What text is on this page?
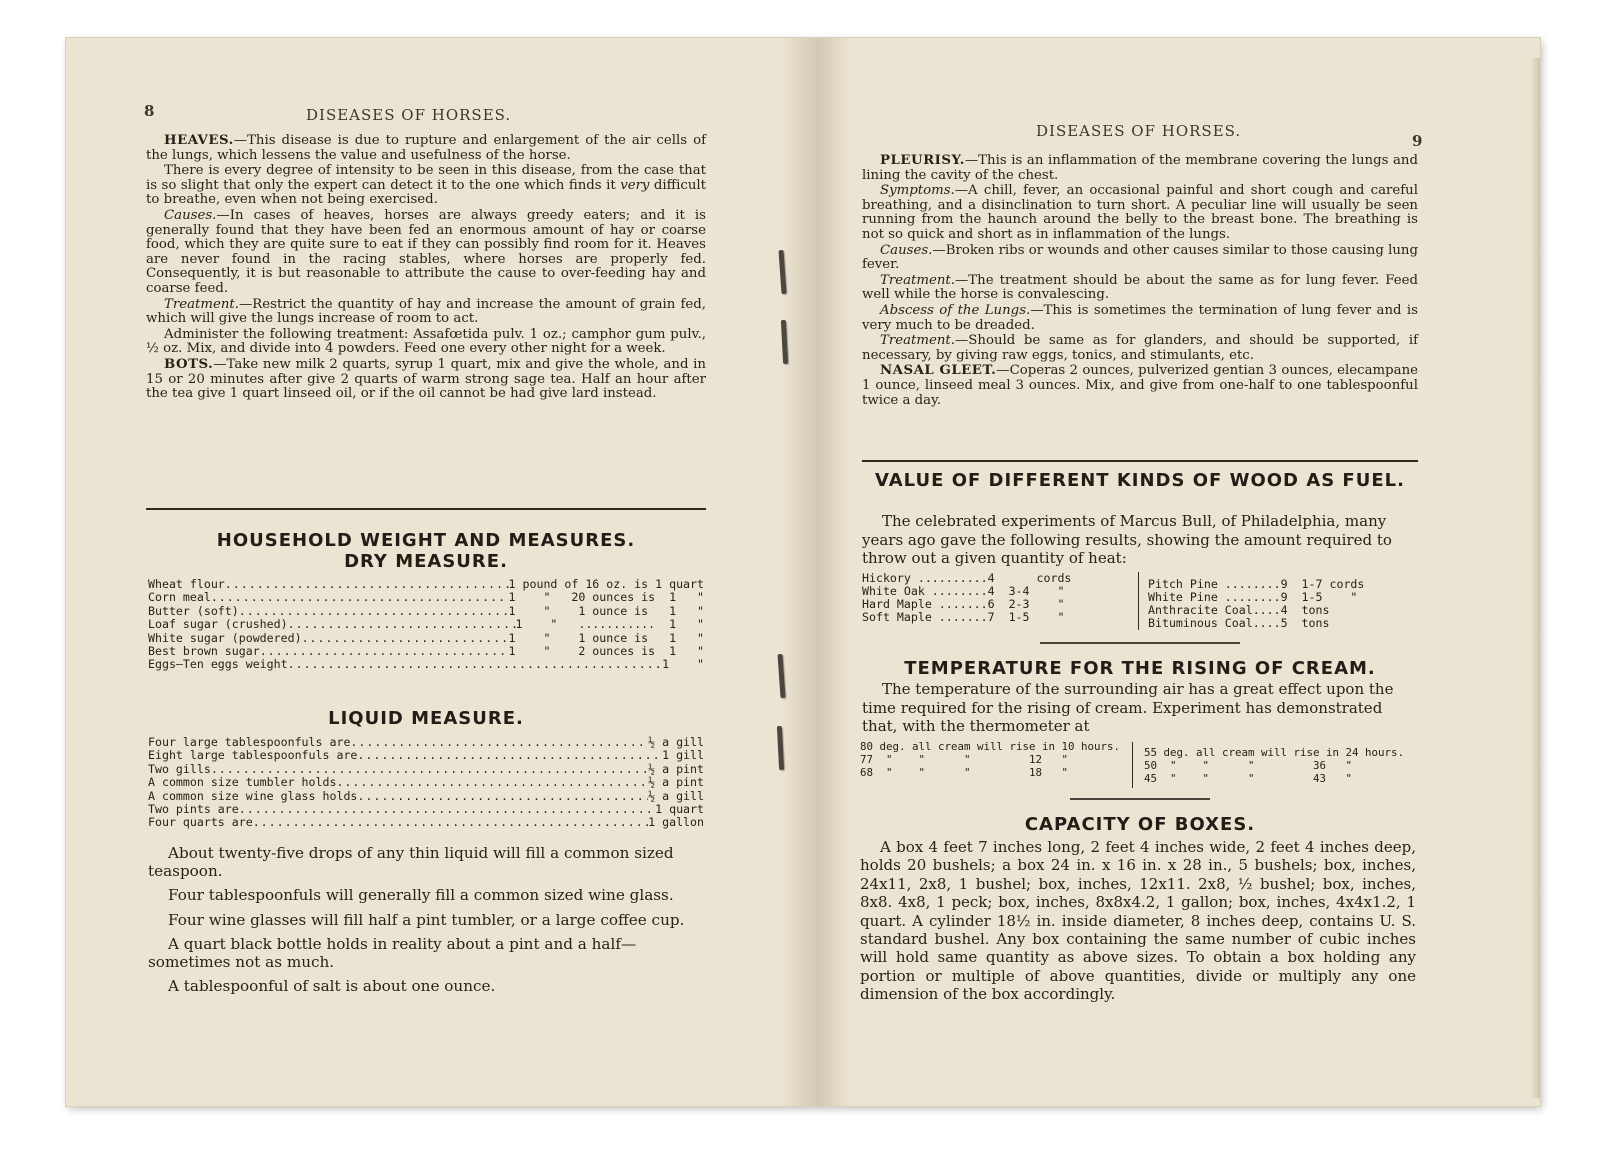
8	DISEASES OF HORSES.

HEAVES.—This disease is due to rupture and enlargement of the air cells of the lungs, which lessens the value and usefulness of the horse.

There is every degree of intensity to be seen in this disease, from the case that is so slight that only the expert can detect it to the one which finds it very difficult to breathe, even when not being exercised.

Causes.—In cases of heaves, horses are always greedy eaters; and it is generally found that they have been fed an enormous amount of hay or coarse food, which they are quite sure to eat if they can possibly find room for it. Heaves are never found in the racing stables, where horses are properly fed. Consequently, it is but reasonable to attribute the cause to over-feeding hay and coarse feed.

Treatment.—Restrict the quantity of hay and increase the amount of grain fed, which will give the lungs increase of room to act.

Administer the following treatment: Assafœtida pulv. 1 oz.; camphor gum pulv., ½ oz. Mix, and divide into 4 powders. Feed one every other night for a week.

BOTS.—Take new milk 2 quarts, syrup 1 quart, mix and give the whole, and in 15 or 20 minutes after give 2 quarts of warm strong sage tea. Half an hour after the tea give 1 quart linseed oil, or if the oil cannot be had give lard instead.

HOUSEHOLD WEIGHT AND MEASURES.
DRY MEASURE.
Wheat flour .....	1 pound of 16 oz. is 1 quart
Corn meal .....	1    "   20 ounces is  1   "
Butter (soft) .....	1    "    1 ounce is   1   "
Loaf sugar (crushed) .....	1    "   ...........  1   "
White sugar (powdered) .....	1    "    1 ounce is   1   "
Best brown sugar .....	1    "    2 ounces is  1   "
Eggs—Ten eggs weight .....	1    "
LIQUID MEASURE.
Four large tablespoonfuls are .....	½ a gill
Eight large tablespoonfuls are .....	1 gill
Two gills .....	½ a pint
A common size tumbler holds .....	½ a pint
A common size wine glass holds .....	½ a gill
Two pints are .....	1 quart
Four quarts are .....	1 gallon

About twenty-five drops of any thin liquid will fill a common sized teaspoon.

Four tablespoonfuls will generally fill a common sized wine glass.

Four wine glasses will fill half a pint tumbler, or a large coffee cup.

A quart black bottle holds in reality about a pint and a half—sometimes not as much.

A tablespoonful of salt is about one ounce.

DISEASES OF HORSES.
9

PLEURISY.—This is an inflammation of the membrane covering the lungs and lining the cavity of the chest.

Symptoms.—A chill, fever, an occasional painful and short cough and careful breathing, and a disinclination to turn short. A peculiar line will usually be seen running from the haunch around the belly to the breast bone. The breathing is not so quick and short as in inflammation of the lungs.

Causes.—Broken ribs or wounds and other causes similar to those causing lung fever.

Treatment.—The treatment should be about the same as for lung fever. Feed well while the horse is convalescing.

Abscess of the Lungs.—This is sometimes the termination of lung fever and is very much to be dreaded.

Treatment.—Should be same as for glanders, and should be supported, if necessary, by giving raw eggs, tonics, and stimulants, etc.

NASAL GLEET.—Coperas 2 ounces, pulverized gentian 3 ounces, elecampane 1 ounce, linseed meal 3 ounces. Mix, and give from one-half to one tablespoonful twice a day.

VALUE OF DIFFERENT KINDS OF WOOD AS FUEL.

The celebrated experiments of Marcus Bull, of Philadelphia, many years ago gave the following results, showing the amount required to throw out a given quantity of heat:

Hickory ..........4      cords
White Oak ........4  3-4    "
Hard Maple .......6  2-3    "
Soft Maple .......7  1-5    "
Pitch Pine ........9  1-7 cords
White Pine ........9  1-5    "
Anthracite Coal....4  tons
Bituminous Coal....5  tons
TEMPERATURE FOR THE RISING OF CREAM.

The temperature of the surrounding air has a great effect upon the time required for the rising of cream. Experiment has demonstrated that, with the thermometer at

80 deg. all cream will rise in 10 hours.
77  "    "      "         12   "
68  "    "      "         18   "
55 deg. all cream will rise in 24 hours.
50  "    "      "         36   "
45  "    "      "         43   "
CAPACITY OF BOXES.

A box 4 feet 7 inches long, 2 feet 4 inches wide, 2 feet 4 inches deep, holds 20 bushels; a box 24 in. x 16 in. x 28 in., 5 bushels; box, inches, 24x11, 2x8, 1 bushel; box, inches, 12x11. 2x8, ½ bushel; box, inches, 8x8. 4x8, 1 peck; box, inches, 8x8x4.2, 1 gallon; box, inches, 4x4x1.2, 1 quart. A cylinder 18½ in. inside diameter, 8 inches deep, contains U. S. standard bushel. Any box containing the same number of cubic inches will hold same quantity as above sizes. To obtain a box holding any portion or multiple of above quantities, divide or multiply any one dimension of the box accordingly.
